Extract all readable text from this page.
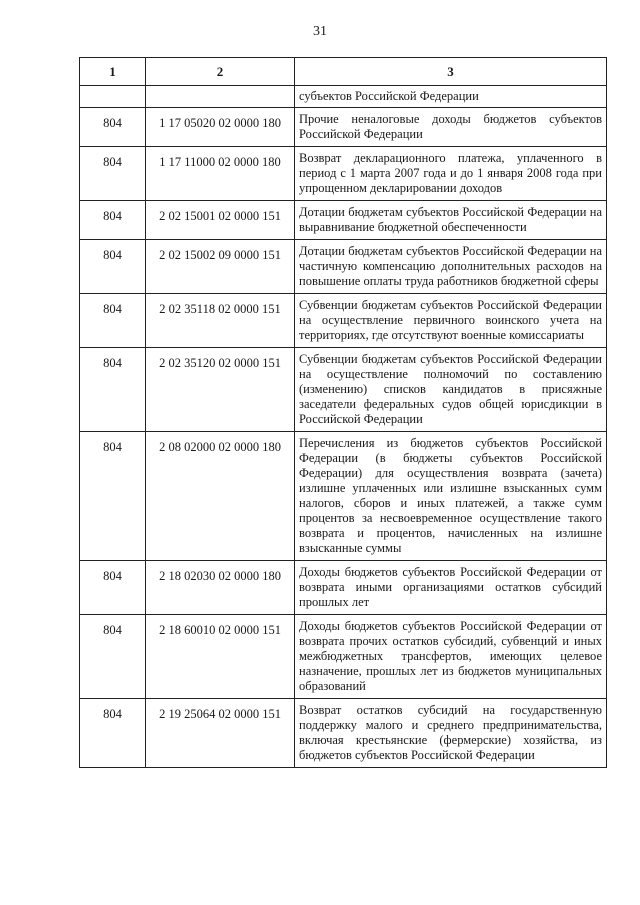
31
1	2	3
		субъектов Российской Федерации
804	1 17 05020 02 0000 180	Прочие неналоговые доходы бюджетов субъектов Российской Федерации
804	1 17 11000 02 0000 180	Возврат декларационного платежа, уплаченного в период с 1 марта 2007 года и до 1 января 2008 года при упрощенном декларировании доходов
804	2 02 15001 02 0000 151	Дотации бюджетам субъектов Российской Федерации на выравнивание бюджетной обеспеченности
804	2 02 15002 09 0000 151	Дотации бюджетам субъектов Российской Федерации на частичную компенсацию дополнительных расходов на повышение оплаты труда работников бюджетной сферы
804	2 02 35118 02 0000 151	Субвенции бюджетам субъектов Российской Федерации на осуществление первичного воинского учета на территориях, где отсутствуют военные комиссариаты
804	2 02 35120 02 0000 151	Субвенции бюджетам субъектов Российской Федерации на осуществление полномочий по составлению (изменению) списков кандидатов в присяжные заседатели федеральных судов общей юрисдикции в Российской Федерации
804	2 08 02000 02 0000 180	Перечисления из бюджетов субъектов Российской Федерации (в бюджеты субъектов Российской Федерации) для осуществления возврата (зачета) излишне уплаченных или излишне взысканных сумм налогов, сборов и иных платежей, а также сумм процентов за несвоевременное осуществление такого возврата и процентов, начисленных на излишне взысканные суммы
804	2 18 02030 02 0000 180	Доходы бюджетов субъектов Российской Федерации от возврата иными организациями остатков субсидий прошлых лет
804	2 18 60010 02 0000 151	Доходы бюджетов субъектов Российской Федерации от возврата прочих остатков субсидий, субвенций и иных межбюджетных трансфертов, имеющих целевое назначение, прошлых лет из бюджетов муниципальных образований
804	2 19 25064 02 0000 151	Возврат остатков субсидий на государственную поддержку малого и среднего предпринимательства, включая крестьянские (фермерские) хозяйства, из бюджетов субъектов Российской Федерации
